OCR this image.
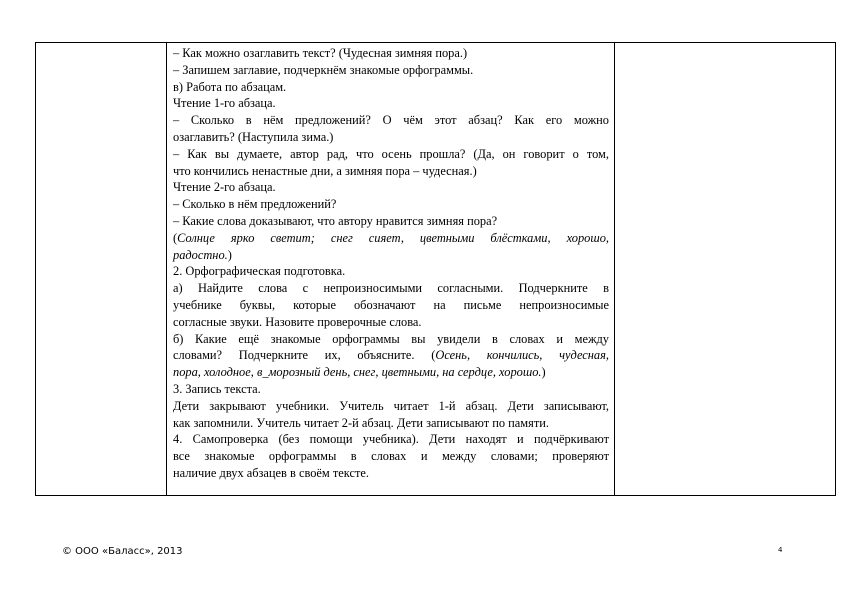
– Как можно озаглавить текст? (Чудесная зимняя пора.)
– Запишем заглавие, подчеркнём знакомые орфограммы.
в) Работа по абзацам.
Чтение 1-го абзаца.
– Сколько в нём предложений? О чём этот абзац? Как его можно
озаглавить? (Наступила зима.)
– Как вы думаете, автор рад, что осень прошла? (Да, он говорит о том,
что кончились ненастные дни, а зимняя пора – чудесная.)
Чтение 2-го абзаца.
– Сколько в нём предложений?
– Какие слова доказывают, что автору нравится зимняя пора?
(Солнце ярко светит; снег сияет, цветными блёстками, хорошо,
радостно.)
2. Орфографическая подготовка.
а) Найдите слова с непроизносимыми согласными. Подчеркните в
учебнике буквы, которые обозначают на письме непроизносимые
согласные звуки. Назовите проверочные слова.
б) Какие ещё знакомые орфограммы вы увидели в словах и между
словами? Подчеркните их, объясните. (Осень, кончились, чудесная,
пора, холодное, в_морозный день, снег, цветными, на сердце, хорошо.)
3. Запись текста.
Дети закрывают учебники. Учитель читает 1-й абзац. Дети записывают,
как запомнили. Учитель читает 2-й абзац. Дети записывают по памяти.
4. Самопроверка (без помощи учебника). Дети находят и подчёркивают
все знакомые орфограммы в словах и между словами; проверяют
наличие двух абзацев в своём тексте.
© ООО «Баласс», 2013	4
